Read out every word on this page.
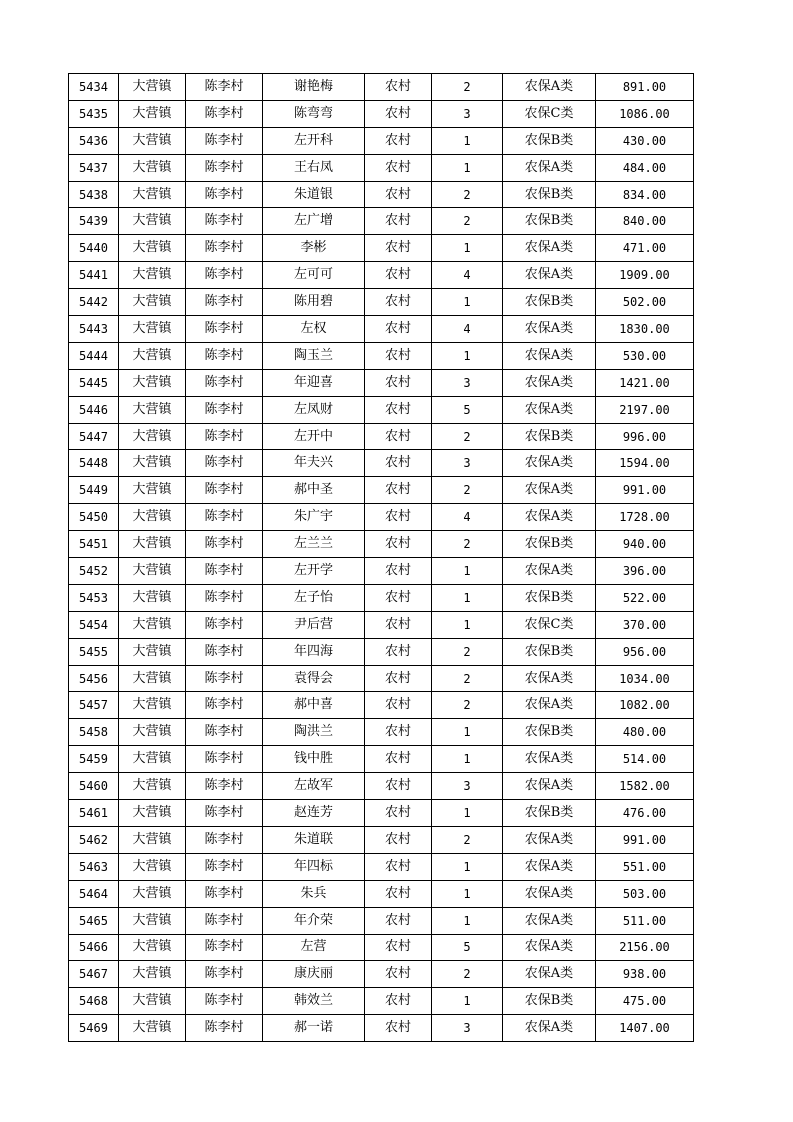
5434	大营镇	陈李村	谢艳梅	农村	2	农保A类	891.00
5435	大营镇	陈李村	陈弯弯	农村	3	农保C类	1086.00
5436	大营镇	陈李村	左开科	农村	1	农保B类	430.00
5437	大营镇	陈李村	王右凤	农村	1	农保A类	484.00
5438	大营镇	陈李村	朱道银	农村	2	农保B类	834.00
5439	大营镇	陈李村	左广增	农村	2	农保B类	840.00
5440	大营镇	陈李村	李彬	农村	1	农保A类	471.00
5441	大营镇	陈李村	左可可	农村	4	农保A类	1909.00
5442	大营镇	陈李村	陈用碧	农村	1	农保B类	502.00
5443	大营镇	陈李村	左权	农村	4	农保A类	1830.00
5444	大营镇	陈李村	陶玉兰	农村	1	农保A类	530.00
5445	大营镇	陈李村	年迎喜	农村	3	农保A类	1421.00
5446	大营镇	陈李村	左凤财	农村	5	农保A类	2197.00
5447	大营镇	陈李村	左开中	农村	2	农保B类	996.00
5448	大营镇	陈李村	年夫兴	农村	3	农保A类	1594.00
5449	大营镇	陈李村	郝中圣	农村	2	农保A类	991.00
5450	大营镇	陈李村	朱广宇	农村	4	农保A类	1728.00
5451	大营镇	陈李村	左兰兰	农村	2	农保B类	940.00
5452	大营镇	陈李村	左开学	农村	1	农保A类	396.00
5453	大营镇	陈李村	左子怡	农村	1	农保B类	522.00
5454	大营镇	陈李村	尹后营	农村	1	农保C类	370.00
5455	大营镇	陈李村	年四海	农村	2	农保B类	956.00
5456	大营镇	陈李村	袁得会	农村	2	农保A类	1034.00
5457	大营镇	陈李村	郝中喜	农村	2	农保A类	1082.00
5458	大营镇	陈李村	陶洪兰	农村	1	农保B类	480.00
5459	大营镇	陈李村	钱中胜	农村	1	农保A类	514.00
5460	大营镇	陈李村	左故军	农村	3	农保A类	1582.00
5461	大营镇	陈李村	赵连芳	农村	1	农保B类	476.00
5462	大营镇	陈李村	朱道联	农村	2	农保A类	991.00
5463	大营镇	陈李村	年四标	农村	1	农保A类	551.00
5464	大营镇	陈李村	朱兵	农村	1	农保A类	503.00
5465	大营镇	陈李村	年介荣	农村	1	农保A类	511.00
5466	大营镇	陈李村	左营	农村	5	农保A类	2156.00
5467	大营镇	陈李村	康庆丽	农村	2	农保A类	938.00
5468	大营镇	陈李村	韩效兰	农村	1	农保B类	475.00
5469	大营镇	陈李村	郝一诺	农村	3	农保A类	1407.00
